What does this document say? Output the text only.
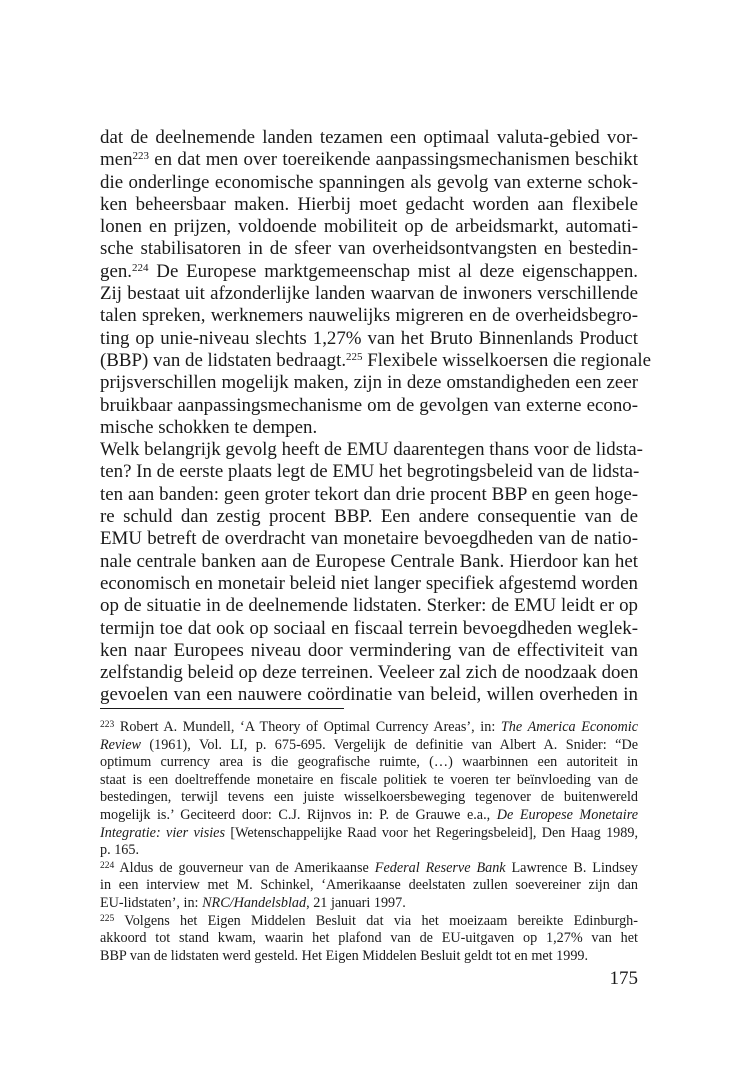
dat de deelnemende landen tezamen een optimaal valuta-gebied vor-
men$^{223}$ en dat men over toereikende aanpassingsmechanismen beschikt
die onderlinge economische spanningen als gevolg van externe schok-
ken beheersbaar maken. Hierbij moet gedacht worden aan flexibele
lonen en prijzen, voldoende mobiliteit op de arbeidsmarkt, automati-
sche stabilisatoren in de sfeer van overheidsontvangsten en bestedin-
gen.$^{224}$ De Europese marktgemeenschap mist al deze eigenschappen.
Zij bestaat uit afzonderlijke landen waarvan de inwoners verschillende
talen spreken, werknemers nauwelijks migreren en de overheidsbegro-
ting op unie-niveau slechts 1,27% van het Bruto Binnenlands Product
(BBP) van de lidstaten bedraagt.$^{225}$ Flexibele wisselkoersen die regionale
prijsverschillen mogelijk maken, zijn in deze omstandigheden een zeer
bruikbaar aanpassingsmechanisme om de gevolgen van externe econo-
mische schokken te dempen.
Welk belangrijk gevolg heeft de EMU daarentegen thans voor de lidsta-
ten? In de eerste plaats legt de EMU het begrotingsbeleid van de lidsta-
ten aan banden: geen groter tekort dan drie procent BBP en geen hoge-
re schuld dan zestig procent BBP. Een andere consequentie van de
EMU betreft de overdracht van monetaire bevoegdheden van de natio-
nale centrale banken aan de Europese Centrale Bank. Hierdoor kan het
economisch en monetair beleid niet langer specifiek afgestemd worden
op de situatie in de deelnemende lidstaten. Sterker: de EMU leidt er op
termijn toe dat ook op sociaal en fiscaal terrein bevoegdheden weglek-
ken naar Europees niveau door vermindering van de effectiviteit van
zelfstandig beleid op deze terreinen. Veeleer zal zich de noodzaak doen
gevoelen van een nauwere coördinatie van beleid, willen overheden in
$^{223}$ Robert A. Mundell, ‘A Theory of Optimal Currency Areas’, in: The America Economic
Review (1961), Vol. LI, p. 675-695. Vergelijk de definitie van Albert A. Snider: “De
optimum currency area is die geografische ruimte, (…) waarbinnen een autoriteit in
staat is een doeltreffende monetaire en fiscale politiek te voeren ter beïnvloeding van de
bestedingen, terwijl tevens een juiste wisselkoersbeweging tegenover de buitenwereld
mogelijk is.’ Geciteerd door: C.J. Rijnvos in: P. de Grauwe e.a., De Europese Monetaire
Integratie: vier visies [Wetenschappelijke Raad voor het Regeringsbeleid], Den Haag 1989,
p. 165.
$^{224}$ Aldus de gouverneur van de Amerikaanse Federal Reserve Bank Lawrence B. Lindsey
in een interview met M. Schinkel, ‘Amerikaanse deelstaten zullen soevereiner zijn dan
EU-lidstaten’, in: NRC/Handelsblad, 21 januari 1997.
$^{225}$ Volgens het Eigen Middelen Besluit dat via het moeizaam bereikte Edinburgh-
akkoord tot stand kwam, waarin het plafond van de EU-uitgaven op 1,27% van het
BBP van de lidstaten werd gesteld. Het Eigen Middelen Besluit geldt tot en met 1999.
175
